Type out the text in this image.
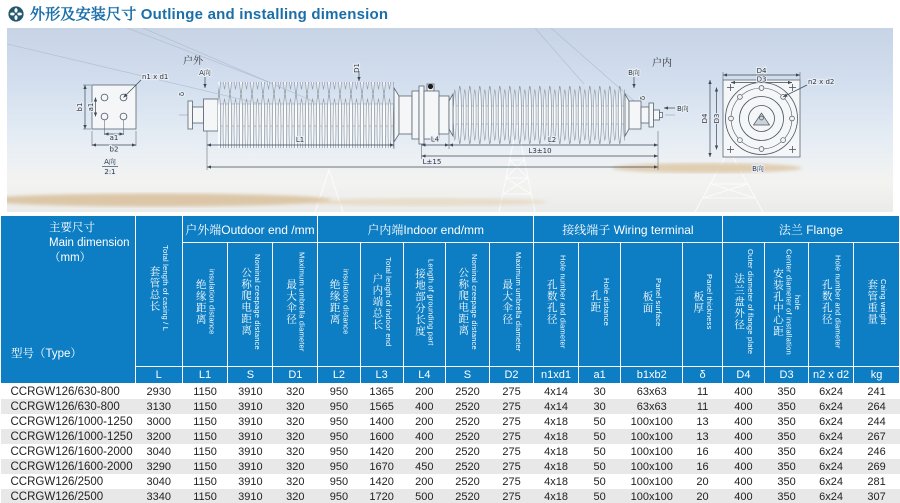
外形及安装尺寸 Outlinge and installing dimension
n1 x d1
b1 a1
a1
b2
A向
2:1
户外	户内
A向	B向
δ
δ
B向
D1
L1	L4	L2
L3±10
L±15
D4
D3
D4 D3
n2 x d2
B向
主要尺寸
Main dimension
（mm）
型号（Type）

套管总长 Total length of casing / L
	户外端Outdoor end /mm	户内端Indoor end/mm	接线端子 Wiring terminal	法兰 Flange

		绝缘距离 insulation distance	公称爬电距离 Nominal creepage distance	最大伞径 Maximum umbrella diameter	绝缘距离 insulation distance	户内端总长 Total length of indoor end	接地部分长度 Length of grounding part	公称爬电距离 Nominal creepage distance	最大伞径 Maximum umbrella diameter	孔数孔径 Hole number and diameter	孔距 Hole distance	板面 Panel surface	板厚 Panel thickness	法兰盘外径 Outer diameter of flange plate	安装孔中心距 Center diameter of installation hole	孔数孔径 Hole number and diameter	套管重量 Caing weight

	L	L1	S	D1	L2	L3	L4	S	D2	n1xd1	a1	b1xb2	δ	D4	D3	n2 x d2	kg
CCRGW126/630-800	2930	1150	3910	320	950	1365	200	2520	275	4x14	30	63x63	11	400	350	6x24	241
CCRGW126/630-800	3130	1150	3910	320	950	1565	400	2520	275	4x14	30	63x63	11	400	350	6x24	264
CCRGW126/1000-1250	3000	1150	3910	320	950	1400	200	2520	275	4x18	50	100x100	13	400	350	6x24	244
CCRGW126/1000-1250	3200	1150	3910	320	950	1600	400	2520	275	4x18	50	100x100	13	400	350	6x24	267
CCRGW126/1600-2000	3040	1150	3910	320	950	1420	200	2520	275	4x18	50	100x100	16	400	350	6x24	246
CCRGW126/1600-2000	3290	1150	3910	320	950	1670	450	2520	275	4x18	50	100x100	16	400	350	6x24	269
CCRGW126/2500	3040	1150	3910	320	950	1420	200	2520	275	4x18	50	100x100	20	400	350	6x24	281
CCRGW126/2500	3340	1150	3910	320	950	1720	500	2520	275	4x18	50	100x100	20	400	350	6x24	307
